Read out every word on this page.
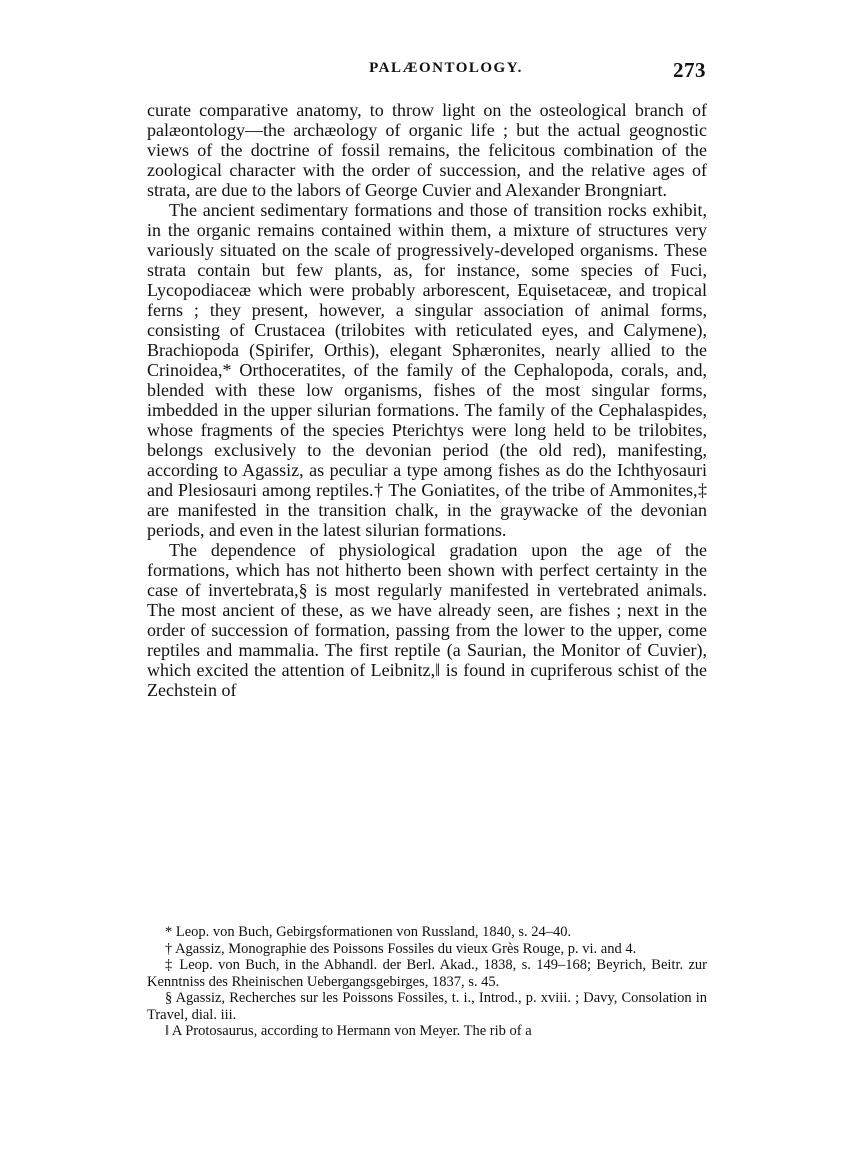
PALÆONTOLOGY.	273

curate comparative anatomy, to throw light on the osteological branch of palæontology—the archæology of organic life ; but the actual geognostic views of the doctrine of fossil remains, the felicitous combination of the zoological character with the order of succession, and the relative ages of strata, are due to the labors of George Cuvier and Alexander Brongniart.

The ancient sedimentary formations and those of transition rocks exhibit, in the organic remains contained within them, a mixture of structures very variously situated on the scale of progressively-developed organisms. These strata contain but few plants, as, for instance, some species of Fuci, Lycopodiaceæ which were probably arborescent, Equisetaceæ, and tropical ferns ; they present, however, a singular association of animal forms, consisting of Crustacea (trilobites with reticulated eyes, and Calymene), Brachiopoda (Spirifer, Orthis), elegant Sphæronites, nearly allied to the Crinoidea,* Orthoceratites, of the family of the Cephalopoda, corals, and, blended with these low organisms, fishes of the most singular forms, imbedded in the upper silurian formations. The family of the Cephalaspides, whose fragments of the species Pterichtys were long held to be trilobites, belongs exclusively to the devonian period (the old red), manifesting, according to Agassiz, as peculiar a type among fishes as do the Ichthyosauri and Plesiosauri among reptiles.† The Goniatites, of the tribe of Ammonites,‡ are manifested in the transition chalk, in the graywacke of the devonian periods, and even in the latest silurian formations.

The dependence of physiological gradation upon the age of the formations, which has not hitherto been shown with perfect certainty in the case of invertebrata,§ is most regularly manifested in vertebrated animals. The most ancient of these, as we have already seen, are fishes ; next in the order of succession of formation, passing from the lower to the upper, come reptiles and mammalia. The first reptile (a Saurian, the Monitor of Cuvier), which excited the attention of Leibnitz,‖ is found in cupriferous schist of the Zechstein of

* Leop. von Buch, Gebirgsformationen von Russland, 1840, s. 24–40.

† Agassiz, Monographie des Poissons Fossiles du vieux Grès Rouge, p. vi. and 4.

‡ Leop. von Buch, in the Abhandl. der Berl. Akad., 1838, s. 149–168; Beyrich, Beitr. zur Kenntniss des Rheinischen Uebergangsgebirges, 1837, s. 45.

§ Agassiz, Recherches sur les Poissons Fossiles, t. i., Introd., p. xviii. ; Davy, Consolation in Travel, dial. iii.

‖ A Protosaurus, according to Hermann von Meyer. The rib of a
